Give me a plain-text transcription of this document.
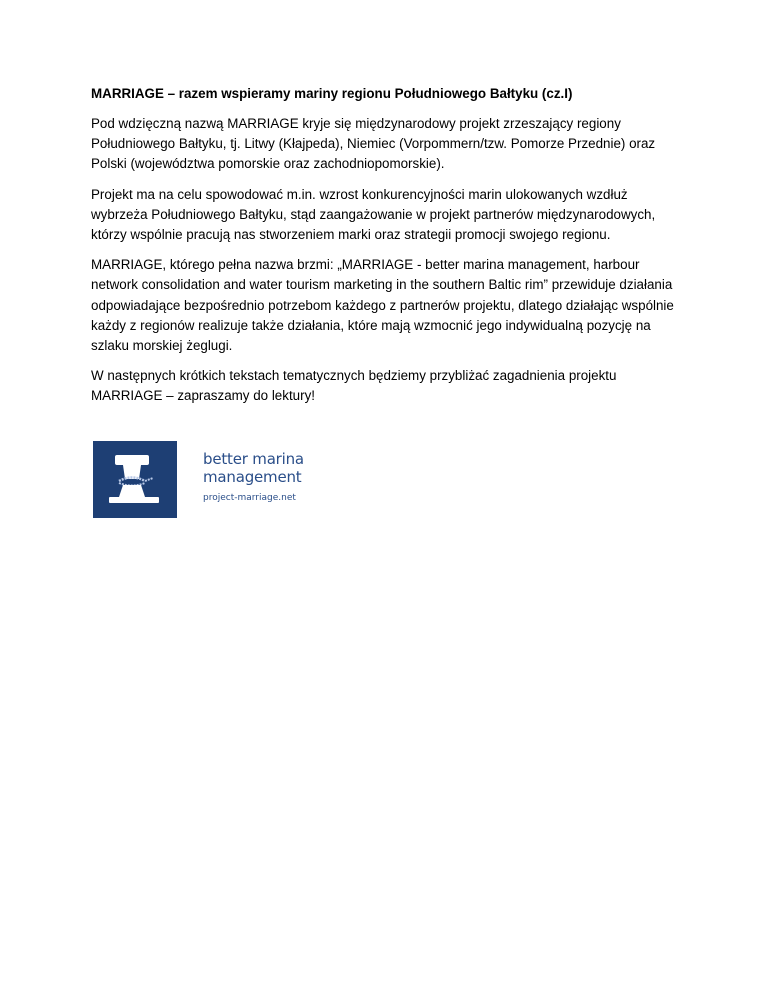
MARRIAGE – razem wspieramy mariny regionu Południowego Bałtyku (cz.I)

Pod wdzięczną nazwą MARRIAGE kryje się międzynarodowy projekt zrzeszający regiony Południowego Bałtyku, tj. Litwy (Kłajpeda), Niemiec (Vorpommern/tzw. Pomorze Przednie) oraz Polski (województwa pomorskie oraz zachodniopomorskie).

Projekt ma na celu spowodować m.in. wzrost konkurencyjności marin ulokowanych wzdłuż wybrzeża Południowego Bałtyku, stąd zaangażowanie w projekt partnerów międzynarodowych, którzy wspólnie pracują nas stworzeniem marki oraz strategii promocji swojego regionu.

MARRIAGE, którego pełna nazwa brzmi: „MARRIAGE - better marina management, harbour network consolidation and water tourism marketing in the southern Baltic rim” przewiduje działania odpowiadające bezpośrednio potrzebom każdego z partnerów projektu, dlatego działając wspólnie każdy z regionów realizuje także działania, które mają wzmocnić jego indywidualną pozycję na szlaku morskiej żeglugi.

W następnych krótkich tekstach tematycznych będziemy przybliżać zagadnienia projektu MARRIAGE – zapraszamy do lektury!

better marina
management
project-marriage.net
